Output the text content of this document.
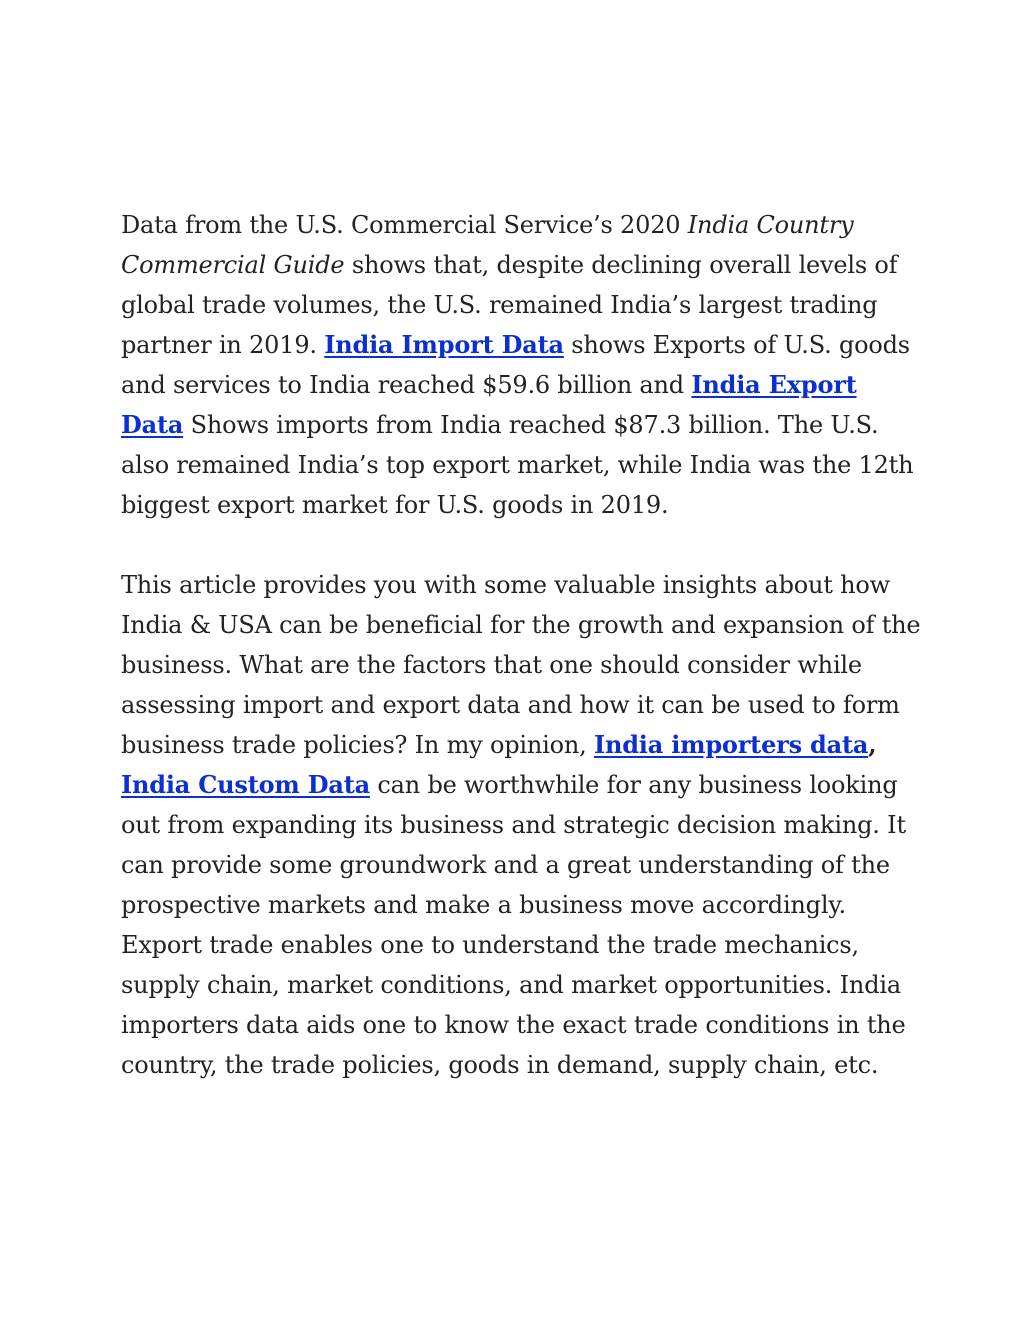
Data from the U.S. Commercial Service’s 2020 India Country Commercial Guide shows that, despite declining overall levels of global trade volumes, the U.S. remained India’s largest trading partner in 2019. India Import Data shows Exports of U.S. goods and services to India reached $59.6 billion and India Export Data Shows imports from India reached $87.3 billion. The U.S. also remained India’s top export market, while India was the 12th biggest export market for U.S. goods in 2019.

This article provides you with some valuable insights about how India & USA can be beneficial for the growth and expansion of the business. What are the factors that one should consider while assessing import and export data and how it can be used to form business trade policies? In my opinion, India importers data, India Custom Data can be worthwhile for any business looking out from expanding its business and strategic decision making. It can provide some groundwork and a great understanding of the prospective markets and make a business move accordingly. Export trade enables one to understand the trade mechanics, supply chain, market conditions, and market opportunities. India importers data aids one to know the exact trade conditions in the country, the trade policies, goods in demand, supply chain, etc.
